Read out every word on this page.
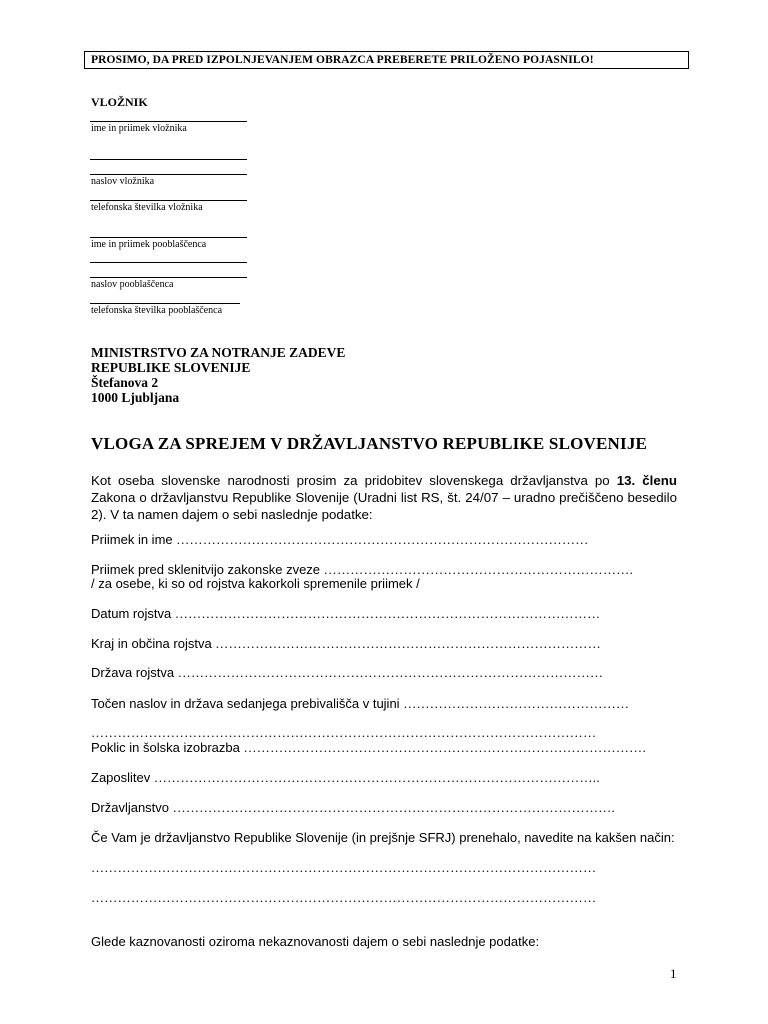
PROSIMO, DA PRED IZPOLNJEVANJEM OBRAZCA PREBERETE PRILOŽENO POJASNILO!
VLOŽNIK
ime in priimek vložnika
naslov vložnika
telefonska številka vložnika
ime in priimek pooblaščenca
naslov pooblaščenca
telefonska številka pooblaščenca
MINISTRSTVO ZA NOTRANJE ZADEVE
REPUBLIKE SLOVENIJE
Štefanova 2
1000 Ljubljana
VLOGA ZA SPREJEM V DRŽAVLJANSTVO REPUBLIKE SLOVENIJE
Kot oseba slovenske narodnosti prosim za pridobitev slovenskega državljanstva po 13. členu Zakona o državljanstvu Republike Slovenije (Uradni list RS, št. 24/07 – uradno prečiščeno besedilo 2). V ta namen dajem o sebi naslednje podatke:
Priimek in ime …………………………………………………………………………………
Priimek pred sklenitvijo zakonske zveze …………………………………………………………….
/ za osebe, ki so od rojstva kakorkoli spremenile priimek /
Datum rojstva ……………………………………………………………………………………
Kraj in občina rojstva ……………………………………………………………………………
Država rojstva ……………………………………………………………………………………
Točen naslov in država sedanjega prebivališča v tujini ……………………………………………
……………………………………………………………………………………………………
Poklic in šolska izobrazba ……………………………………………………………………………….
Zaposlitev ………………………………………………………………………………………..
Državljanstvo ……………………………………………………………………………………….
Če Vam je državljanstvo Republike Slovenije (in prejšnje SFRJ) prenehalo, navedite na kakšen način:
……………………………………………………………………………………………………
……………………………………………………………………………………………………
Glede kaznovanosti oziroma nekaznovanosti dajem o sebi naslednje podatke:
1
